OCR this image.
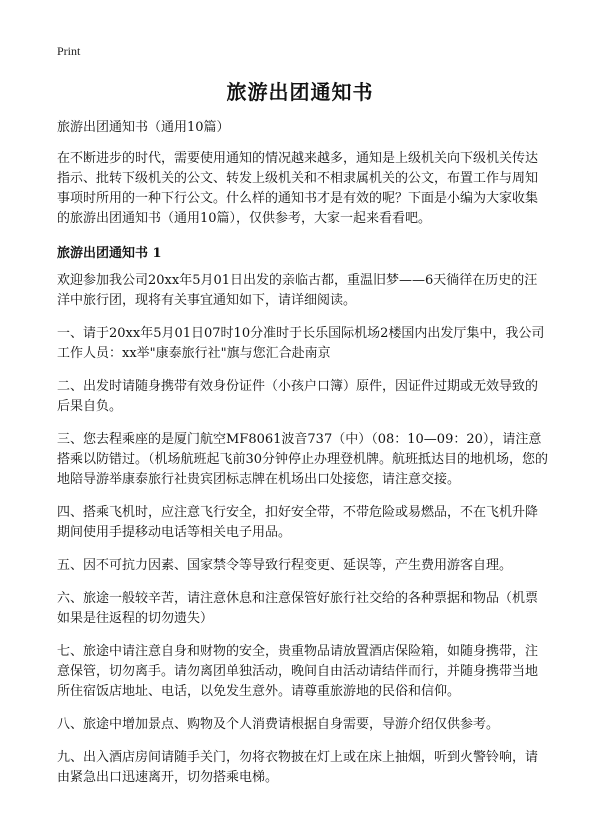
Print
旅游出团通知书

旅游出团通知书（通用10篇）

在不断进步的时代，需要使用通知的情况越来越多，通知是上级机关向下级机关传达指示、批转下级机关的公文、转发上级机关和不相隶属机关的公文，布置工作与周知事项时所用的一种下行公文。什么样的通知书才是有效的呢？下面是小编为大家收集的旅游出团通知书（通用10篇），仅供参考，大家一起来看看吧。

旅游出团通知书 1

欢迎参加我公司20xx年5月01日出发的亲临古都，重温旧梦——6天徜徉在历史的汪洋中旅行团，现将有关事宜通知如下，请详细阅读。

一、请于20xx年5月01日07时10分准时于长乐国际机场2楼国内出发厅集中，我公司工作人员：xx举"康泰旅行社"旗与您汇合赴南京

二、出发时请随身携带有效身份证件（小孩户口簿）原件，因证件过期或无效导致的后果自负。

三、您去程乘座的是厦门航空MF8061波音737（中）（08：10—09：20），请注意搭乘以防错过。（机场航班起飞前30分钟停止办理登机牌。航班抵达目的地机场，您的地陪导游举康泰旅行社贵宾团标志牌在机场出口处接您，请注意交接。

四、搭乘飞机时，应注意飞行安全，扣好安全带，不带危险或易燃品，不在飞机升降期间使用手提移动电话等相关电子用品。

五、因不可抗力因素、国家禁令等导致行程变更、延误等，产生费用游客自理。

六、旅途一般较辛苦，请注意休息和注意保管好旅行社交给的各种票据和物品（机票如果是往返程的切勿遗失）

七、旅途中请注意自身和财物的安全，贵重物品请放置酒店保险箱，如随身携带，注意保管，切勿离手。请勿离团单独活动，晚间自由活动请结伴而行，并随身携带当地所住宿饭店地址、电话，以免发生意外。请尊重旅游地的民俗和信仰。

八、旅途中增加景点、购物及个人消费请根据自身需要，导游介绍仅供参考。

九、出入酒店房间请随手关门，勿将衣物披在灯上或在床上抽烟，听到火警铃响，请由紧急出口迅速离开，切勿搭乘电梯。
